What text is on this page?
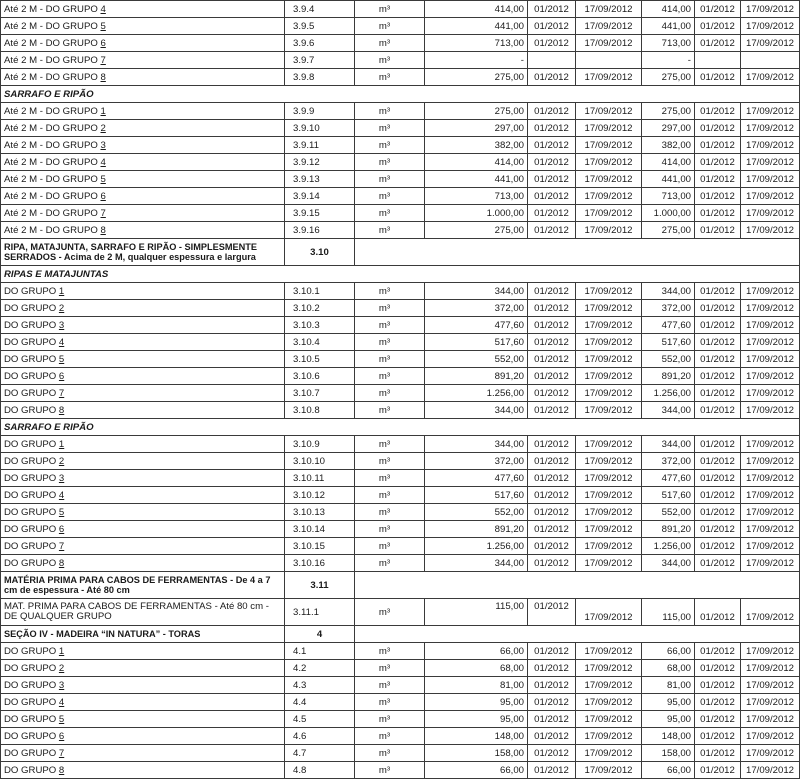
Até 2 M - DO GRUPO 4	3.9.4	m³	414,00	01/2012	17/09/2012	414,00	01/2012	17/09/2012
Até 2 M - DO GRUPO 5	3.9.5	m³	441,00	01/2012	17/09/2012	441,00	01/2012	17/09/2012
Até 2 M - DO GRUPO 6	3.9.6	m³	713,00	01/2012	17/09/2012	713,00	01/2012	17/09/2012
Até 2 M - DO GRUPO 7	3.9.7	m³	-			-		
Até 2 M - DO GRUPO 8	3.9.8	m³	275,00	01/2012	17/09/2012	275,00	01/2012	17/09/2012
SARRAFO E RIPÃO								
Até 2 M - DO GRUPO 1	3.9.9	m³	275,00	01/2012	17/09/2012	275,00	01/2012	17/09/2012
Até 2 M - DO GRUPO 2	3.9.10	m³	297,00	01/2012	17/09/2012	297,00	01/2012	17/09/2012
Até 2 M - DO GRUPO 3	3.9.11	m³	382,00	01/2012	17/09/2012	382,00	01/2012	17/09/2012
Até 2 M - DO GRUPO 4	3.9.12	m³	414,00	01/2012	17/09/2012	414,00	01/2012	17/09/2012
Até 2 M - DO GRUPO 5	3.9.13	m³	441,00	01/2012	17/09/2012	441,00	01/2012	17/09/2012
Até 2 M - DO GRUPO 6	3.9.14	m³	713,00	01/2012	17/09/2012	713,00	01/2012	17/09/2012
Até 2 M - DO GRUPO 7	3.9.15	m³	1.000,00	01/2012	17/09/2012	1.000,00	01/2012	17/09/2012
Até 2 M - DO GRUPO 8	3.9.16	m³	275,00	01/2012	17/09/2012	275,00	01/2012	17/09/2012
RIPA, MATAJUNTA, SARRAFO E RIPÃO - SIMPLESMENTE SERRADOS - Acima de 2 M, qualquer espessura e largura	3.10							
RIPAS E MATAJUNTAS								
DO GRUPO 1	3.10.1	m³	344,00	01/2012	17/09/2012	344,00	01/2012	17/09/2012
DO GRUPO 2	3.10.2	m³	372,00	01/2012	17/09/2012	372,00	01/2012	17/09/2012
DO GRUPO 3	3.10.3	m³	477,60	01/2012	17/09/2012	477,60	01/2012	17/09/2012
DO GRUPO 4	3.10.4	m³	517,60	01/2012	17/09/2012	517,60	01/2012	17/09/2012
DO GRUPO 5	3.10.5	m³	552,00	01/2012	17/09/2012	552,00	01/2012	17/09/2012
DO GRUPO 6	3.10.6	m³	891,20	01/2012	17/09/2012	891,20	01/2012	17/09/2012
DO GRUPO 7	3.10.7	m³	1.256,00	01/2012	17/09/2012	1.256,00	01/2012	17/09/2012
DO GRUPO 8	3.10.8	m³	344,00	01/2012	17/09/2012	344,00	01/2012	17/09/2012
SARRAFO E RIPÃO								
DO GRUPO 1	3.10.9	m³	344,00	01/2012	17/09/2012	344,00	01/2012	17/09/2012
DO GRUPO 2	3.10.10	m³	372,00	01/2012	17/09/2012	372,00	01/2012	17/09/2012
DO GRUPO 3	3.10.11	m³	477,60	01/2012	17/09/2012	477,60	01/2012	17/09/2012
DO GRUPO 4	3.10.12	m³	517,60	01/2012	17/09/2012	517,60	01/2012	17/09/2012
DO GRUPO 5	3.10.13	m³	552,00	01/2012	17/09/2012	552,00	01/2012	17/09/2012
DO GRUPO 6	3.10.14	m³	891,20	01/2012	17/09/2012	891,20	01/2012	17/09/2012
DO GRUPO 7	3.10.15	m³	1.256,00	01/2012	17/09/2012	1.256,00	01/2012	17/09/2012
DO GRUPO 8	3.10.16	m³	344,00	01/2012	17/09/2012	344,00	01/2012	17/09/2012
MATÉRIA PRIMA PARA CABOS DE FERRAMENTAS - De 4 a 7 cm de espessura - Até 80 cm	3.11							
MAT. PRIMA PARA CABOS DE FERRAMENTAS - Até 80 cm - DE QUALQUER GRUPO	3.11.1	m³	115,00	01/2012	17/09/2012	115,00	01/2012	17/09/2012
SEÇÃO IV - MADEIRA “IN NATURA” - TORAS	4							
DO GRUPO 1	4.1	m³	66,00	01/2012	17/09/2012	66,00	01/2012	17/09/2012
DO GRUPO 2	4.2	m³	68,00	01/2012	17/09/2012	68,00	01/2012	17/09/2012
DO GRUPO 3	4.3	m³	81,00	01/2012	17/09/2012	81,00	01/2012	17/09/2012
DO GRUPO 4	4.4	m³	95,00	01/2012	17/09/2012	95,00	01/2012	17/09/2012
DO GRUPO 5	4.5	m³	95,00	01/2012	17/09/2012	95,00	01/2012	17/09/2012
DO GRUPO 6	4.6	m³	148,00	01/2012	17/09/2012	148,00	01/2012	17/09/2012
DO GRUPO 7	4.7	m³	158,00	01/2012	17/09/2012	158,00	01/2012	17/09/2012
DO GRUPO 8	4.8	m³	66,00	01/2012	17/09/2012	66,00	01/2012	17/09/2012
